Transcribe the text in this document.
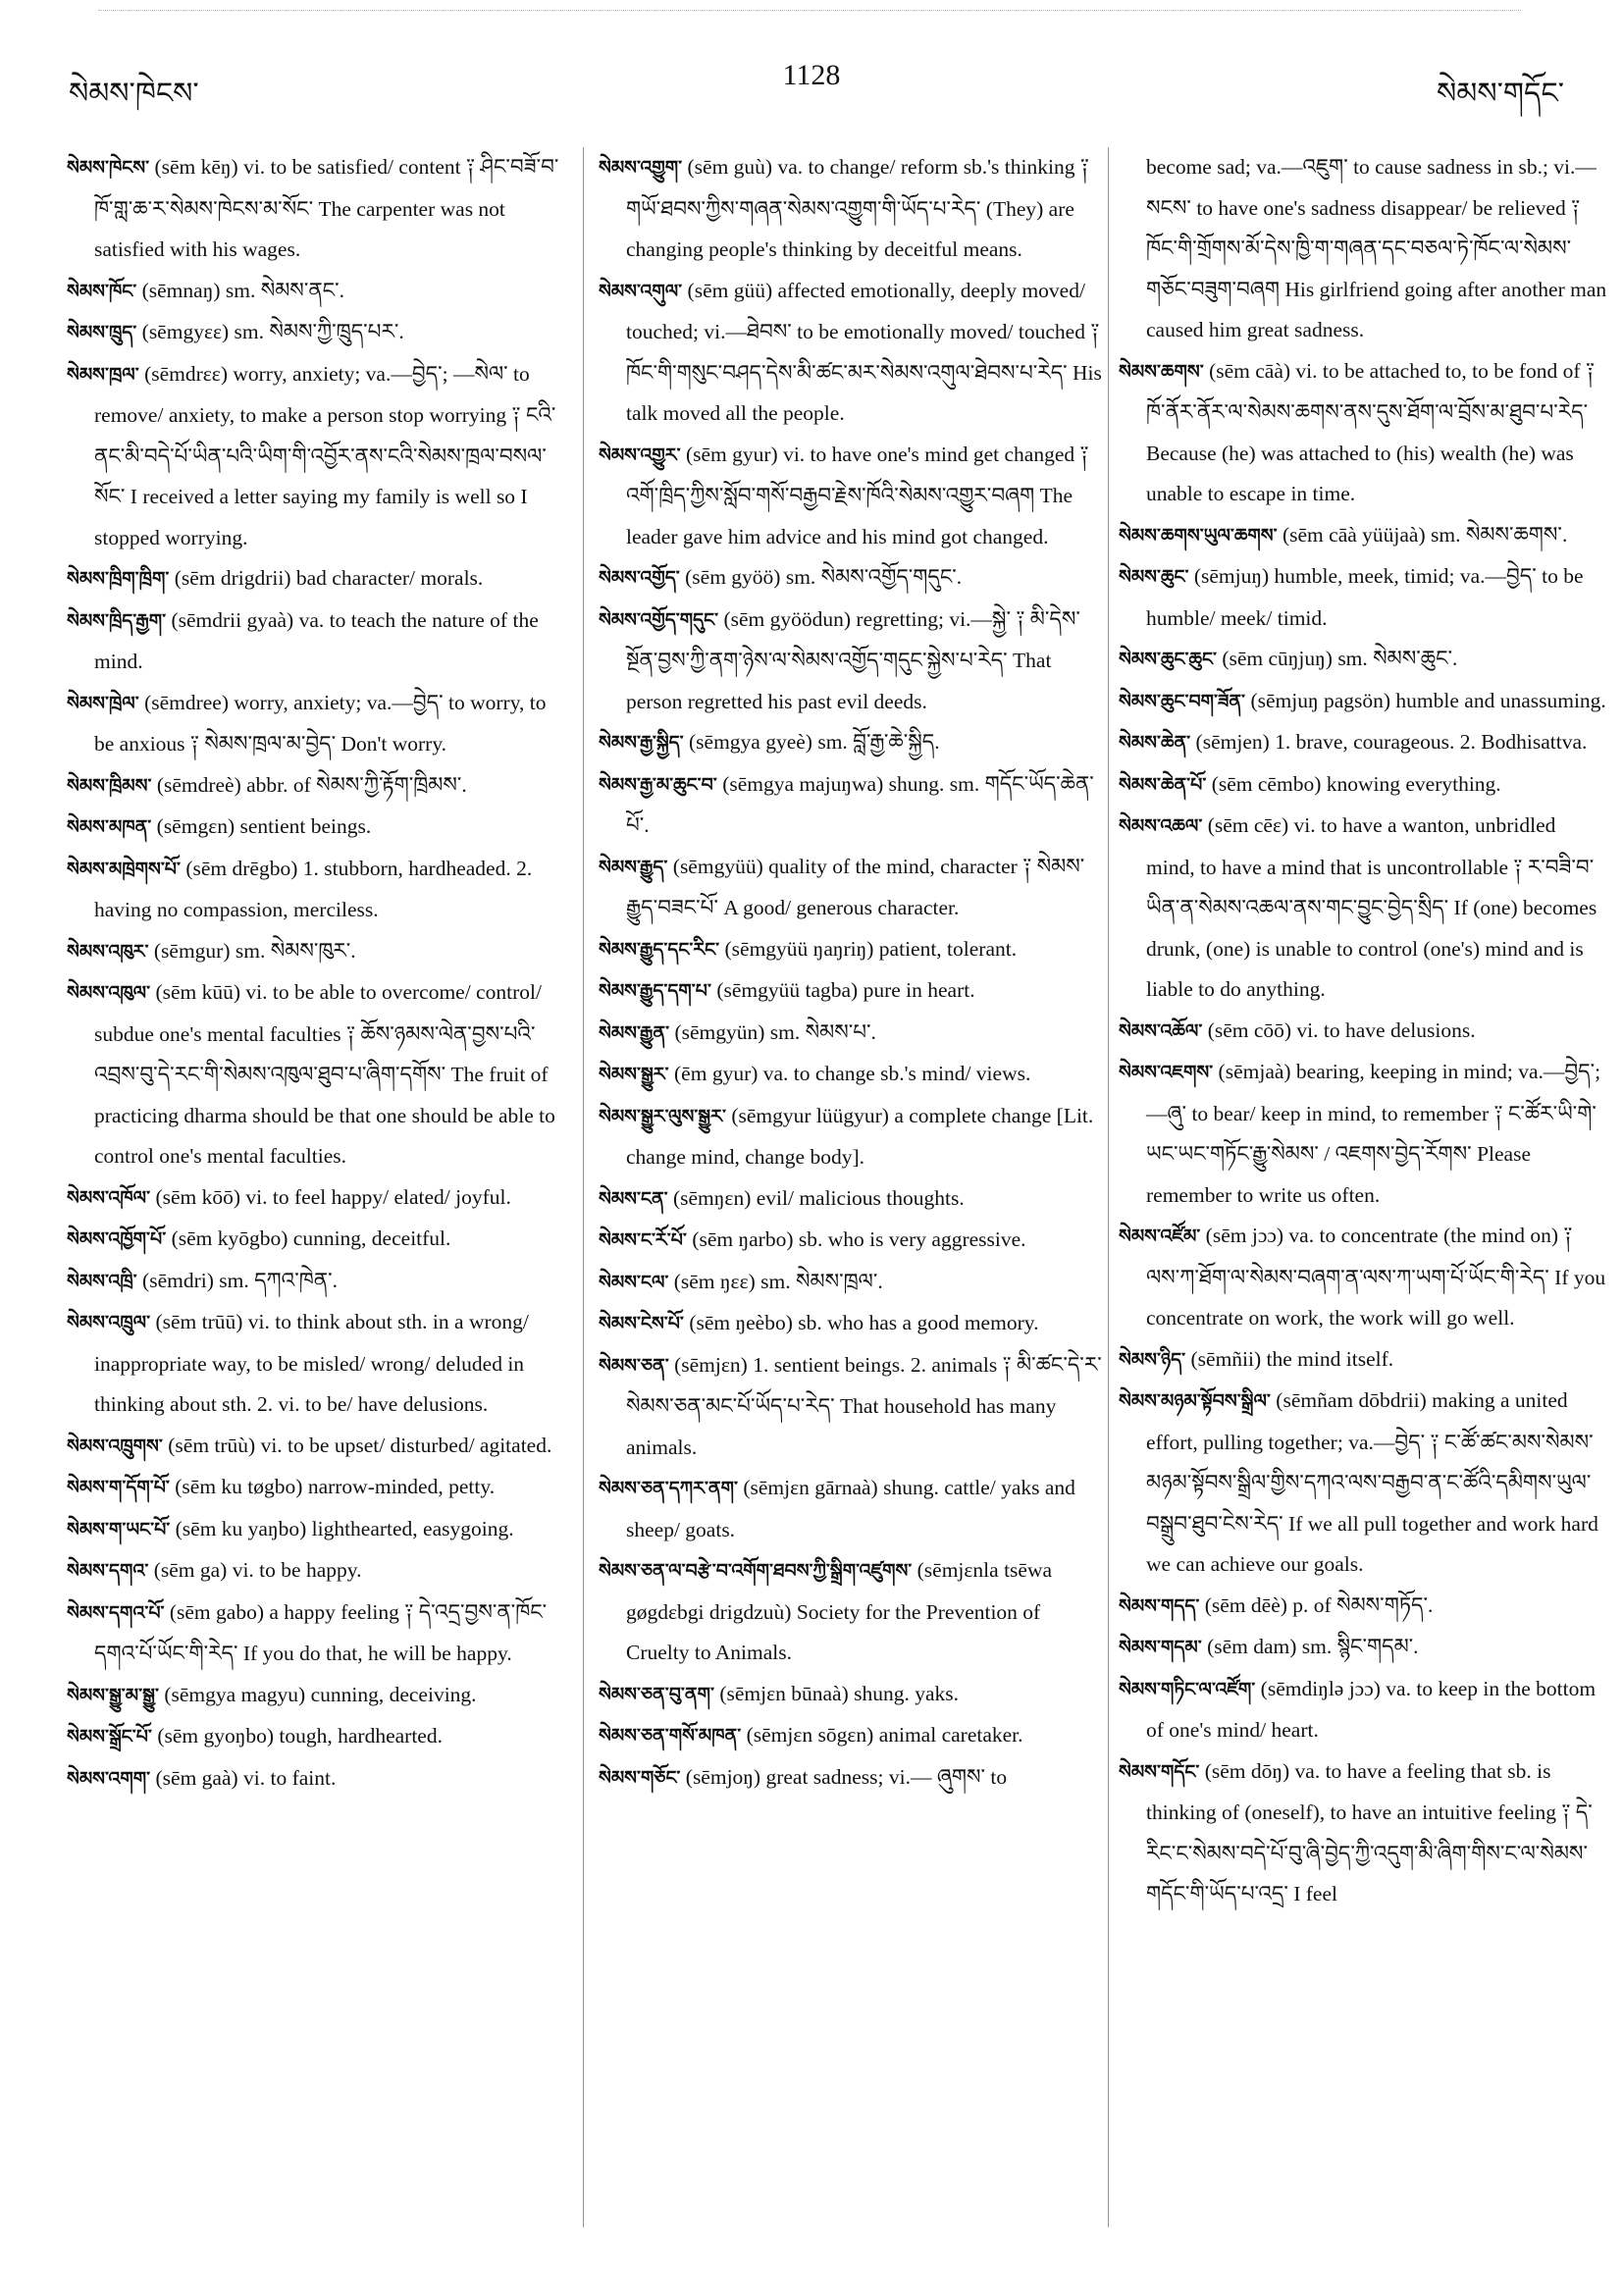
སེམས་ཁེངས་
1128
སེམས་གདོང་

སེམས་ཁེངས་ (sēm kēŋ) vi. to be satisfied/ content ༑ ཤིང་བཟོ་བ་ཁོ་གླ་ཆ་ར་སེམས་ཁེངས་མ་སོང་ The carpenter was not satisfied with his wages.

སེམས་ཁོང་ (sēmnaŋ) sm. སེམས་ནང་.

སེམས་ཁྲུད་ (sēmgyεε) sm. སེམས་ཀྱི་ཁྲུད་པར་.

སེམས་ཁྲལ་ (sēmdrεε) worry, anxiety; va.—བྱེད་; —སེལ་ to remove/ anxiety, to make a person stop worrying ༑ ངའི་ནང་མི་བདེ་པོ་ཡིན་པའི་ཡིག་གི་འབྱོར་ནས་ངའི་སེམས་ཁྲལ་བསལ་སོང་ I received a letter saying my family is well so I stopped worrying.

སེམས་ཁྲིག་ཁྲིག་ (sēm drigdrii) bad character/ morals.

སེམས་ཁྲིད་རྒྱག་ (sēmdrii gyaà) va. to teach the nature of the mind.

སེམས་ཁྲེལ་ (sēmdree) worry, anxiety; va.—བྱེད་ to worry, to be anxious ༑ སེམས་ཁྲལ་མ་བྱེད་ Don't worry.

སེམས་ཁྲིམས་ (sēmdreè) abbr. of སེམས་ཀྱི་རྟོག་ཁྲིམས་.

སེམས་མཁན་ (sēmgεn) sentient beings.

སེམས་མཁྲེགས་པོ་ (sēm drēgbo) 1. stubborn, hardheaded. 2. having no compassion, merciless.

སེམས་འཁུར་ (sēmgur) sm. སེམས་ཁུར་.

སེམས་འཁུལ་ (sēm kūū) vi. to be able to overcome/ control/ subdue one's mental faculties ༑ ཆོས་ཉམས་ལེན་བྱས་པའི་འབྲས་བུ་དེ་རང་གི་སེམས་འཁུལ་ཐུབ་པ་ཞིག་དགོས་ The fruit of practicing dharma should be that one should be able to control one's mental faculties.

སེམས་འཁོལ་ (sēm kōō) vi. to feel happy/ elated/ joyful.

སེམས་འཁྱོག་པོ་ (sēm kyōgbo) cunning, deceitful.

སེམས་འཁྲི་ (sēmdri) sm. དཀའ་ཁེན་.

སེམས་འཁྲུལ་ (sēm trūū) vi. to think about sth. in a wrong/ inappropriate way, to be misled/ wrong/ deluded in thinking about sth. 2. vi. to be/ have delusions.

སེམས་འཁྲུགས་ (sēm trūù) vi. to be upset/ disturbed/ agitated.

སེམས་ག་དོག་པོ་ (sēm ku tøgbo) narrow-minded, petty.

སེམས་ག་ཡང་པོ་ (sēm ku yaŋbo) lighthearted, easygoing.

སེམས་དགའ་ (sēm ga) vi. to be happy.

སེམས་དགའ་པོ་ (sēm gabo) a happy feeling ༑ དེ་འདྲ་བྱས་ན་ཁོང་དགའ་པོ་ཡོང་གི་རེད་ If you do that, he will be happy.

སེམས་སྒྱུ་མ་སྒྱུ་ (sēmgya magyu) cunning, deceiving.

སེམས་སྒྲོང་པོ་ (sēm gyoŋbo) tough, hardhearted.

སེམས་འགག་ (sēm gaà) vi. to faint.

སེམས་འགྱུག་ (sēm guù) va. to change/ reform sb.'s thinking ༑ གཡོ་ཐབས་ཀྱིས་གཞན་སེམས་འགྱུག་གི་ཡོད་པ་རེད་ (They) are changing people's thinking by deceitful means.

སེམས་འགུལ་ (sēm güü) affected emotionally, deeply moved/ touched; vi.—ཐེབས་ to be emotionally moved/ touched ༑ ཁོང་གི་གསུང་བཤད་དེས་མི་ཚང་མར་སེམས་འགུལ་ཐེབས་པ་རེད་ His talk moved all the people.

སེམས་འགྱུར་ (sēm gyur) vi. to have one's mind get changed ༑ འགོ་ཁྲིད་ཀྱིས་སློབ་གསོ་བརྒྱབ་རྗེས་ཁོའི་སེམས་འགྱུར་བཞག The leader gave him advice and his mind got changed.

སེམས་འགྱོད་ (sēm gyöö) sm. སེམས་འགྱོད་གདུང་.

སེམས་འགྱོད་གདུང་ (sēm gyöödun) regretting; vi.—སྐྱེ་ ༑ མི་དེས་སྔོན་བྱས་ཀྱི་ནག་ཉེས་ལ་སེམས་འགྱོད་གདུང་སྐྱེས་པ་རེད་ That person regretted his past evil deeds.

སེམས་རྒྱ་སྐྱིད་ (sēmgya gyeè) sm. བློ་རྒྱ་ཆེ་སྐྱིད.

སེམས་རྒྱ་མ་ཆུང་བ་ (sēmgya majuŋwa) shung. sm. གདོང་ཡོད་ཆེན་པོ་.

སེམས་རྒྱུད་ (sēmgyüü) quality of the mind, character ༑ སེམས་རྒྱུད་བཟང་པོ་ A good/ generous character.

སེམས་རྒྱུད་དང་རིང་ (sēmgyüü ŋaŋriŋ) patient, tolerant.

སེམས་རྒྱུད་དག་པ་ (sēmgyüü tagba) pure in heart.

སེམས་རྒྱུན་ (sēmgyün) sm. སེམས་པ་.

སེམས་སྒྱུར་ (ēm gyur) va. to change sb.'s mind/ views.

སེམས་སྒྱུར་ལུས་སྒྱུར་ (sēmgyur lüügyur) a complete change [Lit. change mind, change body].

སེམས་ངན་ (sēmŋεn) evil/ malicious thoughts.

སེམས་ང་རོ་པོ་ (sēm ŋarbo) sb. who is very aggressive.

སེམས་ངལ་ (sēm ŋεε) sm. སེམས་ཁྲལ་.

སེམས་ངེས་པོ་ (sēm ŋeèbo) sb. who has a good memory.

སེམས་ཅན་ (sēmjεn) 1. sentient beings. 2. animals ༑ མི་ཚང་དེ་ར་སེམས་ཅན་མང་པོ་ཡོད་པ་རེད་ That household has many animals.

སེམས་ཅན་དཀར་ནག་ (sēmjεn gārnaà) shung. cattle/ yaks and sheep/ goats.

སེམས་ཅན་ལ་བརྩེ་བ་འགོག་ཐབས་ཀྱི་སྒྲིག་འཛུགས་ (sēmjεnla tsēwa gøgdεbgi drigdzuù) Society for the Prevention of Cruelty to Animals.

སེམས་ཅན་བུ་ནག་ (sēmjεn būnaà) shung. yaks.

སེམས་ཅན་གསོ་མཁན་ (sēmjεn sōgεn) animal caretaker.

སེམས་གཅོང་ (sēmjoŋ) great sadness; vi.— ཞུགས་ to

become sad; va.—འཇུག་ to cause sadness in sb.; vi.—སངས་ to have one's sadness disappear/ be relieved ༑ ཁོང་གི་གྲོགས་མོ་དེས་ཁྱི་ག་གཞན་དང་བཅལ་ཏེ་ཁོང་ལ་སེམས་གཅོང་བཟུག་བཞག His girlfriend going after another man caused him great sadness.

སེམས་ཆགས་ (sēm cāà) vi. to be attached to, to be fond of ༑ ཁོ་ནོར་ནོར་ལ་སེམས་ཆགས་ནས་དུས་ཐོག་ལ་བྲོས་མ་ཐུབ་པ་རེད་ Because (he) was attached to (his) wealth (he) was unable to escape in time.

སེམས་ཆགས་ཡུལ་ཆགས་ (sēm cāà yüüjaà) sm. སེམས་ཆགས་.

སེམས་ཆུང་ (sēmjuŋ) humble, meek, timid; va.—བྱེད་ to be humble/ meek/ timid.

སེམས་ཆུང་ཆུང་ (sēm cūŋjuŋ) sm. སེམས་ཆུང་.

སེམས་ཆུང་བག་ཟོན་ (sēmjuŋ pagsön) humble and unassuming.

སེམས་ཆེན་ (sēmjen) 1. brave, courageous. 2. Bodhisattva.

སེམས་ཆེན་པོ་ (sēm cēmbo) knowing everything.

སེམས་འཆལ་ (sēm cēε) vi. to have a wanton, unbridled mind, to have a mind that is uncontrollable ༑ ར་བཟི་བ་ཡིན་ན་སེམས་འཆལ་ནས་གང་བྱུང་བྱེད་སྲིད་ If (one) becomes drunk, (one) is unable to control (one's) mind and is liable to do anything.

སེམས་འཆོལ་ (sēm cōō) vi. to have delusions.

སེམས་འཇགས་ (sēmjaà) bearing, keeping in mind; va.—བྱེད་; —ཞུ་ to bear/ keep in mind, to remember ༑ ང་ཚོར་ཡི་གེ་ཡང་ཡང་གཏོང་རྒྱུ་སེམས་ / འཇགས་བྱེད་རོགས་ Please remember to write us often.

སེམས་འཛོམ་ (sēm jɔɔ) va. to concentrate (the mind on) ༑ ལས་ཀ་ཐོག་ལ་སེམས་བཞག་ན་ལས་ཀ་ཡག་པོ་ཡོང་གི་རེད་ If you concentrate on work, the work will go well.

སེམས་ཉིད་ (sēmñii) the mind itself.

སེམས་མཉམ་སྟོབས་སྒྲིལ་ (sēmñam dōbdrii) making a united effort, pulling together; va.—བྱེད་ ༑ ང་ཚོ་ཚང་མས་སེམས་མཉམ་སྟོབས་སྒྲིལ་གྱིས་དཀའ་ལས་བརྒྱབ་ན་ང་ཚོའི་དམིགས་ཡུལ་བསྒྲུབ་ཐུབ་ངེས་རེད་ If we all pull together and work hard we can achieve our goals.

སེམས་གདད་ (sēm dēè) p. of སེམས་གཏོད་.

སེམས་གདམ་ (sēm dam) sm. སྙིང་གདམ་.

སེམས་གཏིང་ལ་འཛོག་ (sēmdiŋlə jɔɔ) va. to keep in the bottom of one's mind/ heart.

སེམས་གདོང་ (sēm dōŋ) va. to have a feeling that sb. is thinking of (oneself), to have an intuitive feeling ༑ དེ་རིང་ང་སེམས་བདེ་པོ་བུ་ཞི་བྱེད་ཀྱི་འདུག་མི་ཞིག་གིས་ང་ལ་སེམས་གདོང་གི་ཡོད་པ་འདྲ་ I feel
